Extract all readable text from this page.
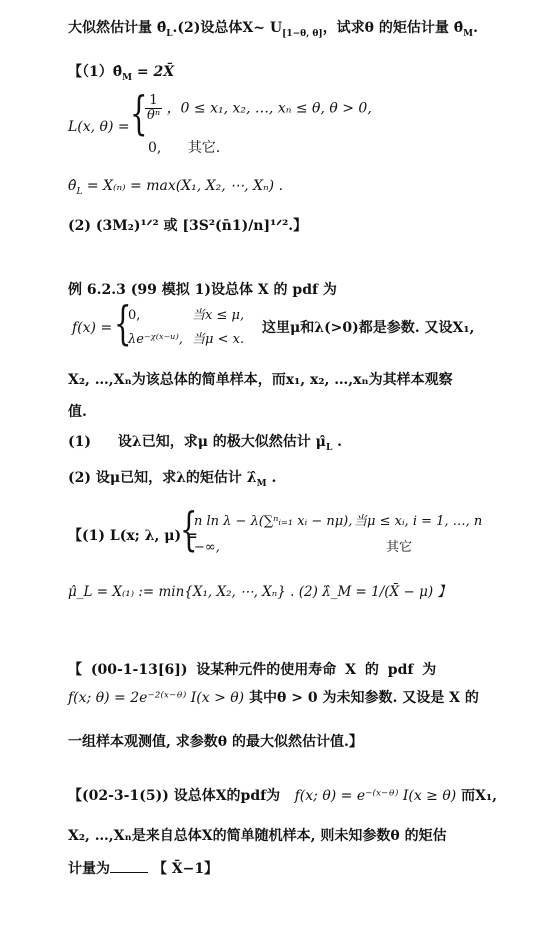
大似然估计量 $\thetâ_L.(2)$设总体X~ $U_{[1-\theta, \theta]}$，试求θ 的矩估计量 $\thetâ_M$.
【$(1)\thetâ_M$ = 2X̄
L(x, θ) = {
$\frac{1}{\text{θⁿ}}$ ，0 ≤ x₁, x₂, …, xₙ ≤ θ, θ > 0,
0, 其它.
$\thetâ_L = X_{(n)} = \max(X_1$, X₂, ⋯, Xₙ) .
(2) (3M₂)¹ᐟ² 或 [3S²(n̄1)/n]¹ᐟ².】
例 6.2.3 (99 模拟 1)设总体 X 的 pdf 为
f(x) = {
0,	当x ≤ μ,
λe⁻ᵡ⁽ˣ⁻ᵘ⁾, 当μ < x.
这里μ和λ(>0)都是参数. 又设X₁,
X₂, …,Xₙ为该总体的简单样本，而x₁, x₂, …,xₙ为其样本观察
值.
(1) 设λ已知，求μ 的极大似然估计 $\mû_L$ .
(2) 设μ已知，求λ的矩估计 $\lambdâ_M$ .
【(1) L(x; λ, μ) =
{
n ln λ − λ(∑ⁿᵢ₌₁ xᵢ − nμ), 当μ ≤ xᵢ, i = 1, …, n
−∞,	其它
μ̂_L = X₍₁₎ := min{X₁, X₂, ⋯, Xₙ} . (2) λ̂_M = 1/(X̄ − μ) 】
【 (00-1-13[6]) 设某种元件的使用寿命 X 的 pdf 为
f(x; θ) = 2e⁻²⁽ˣ⁻ᶿ⁾ I(x > θ) 其中θ > 0 为未知参数. 又设是 X 的
一组样本观测值, 求参数θ 的最大似然估计值.】
【(02-3-1(5)) 设总体X的pdf为 f(x; θ) = e⁻⁽ˣ⁻ᶿ⁾ I(x ≥ θ) 而X₁,
X₂, …,Xₙ是来自总体X的简单随机样本, 则未知参数θ 的矩估
计量为	【 X̄−1】
